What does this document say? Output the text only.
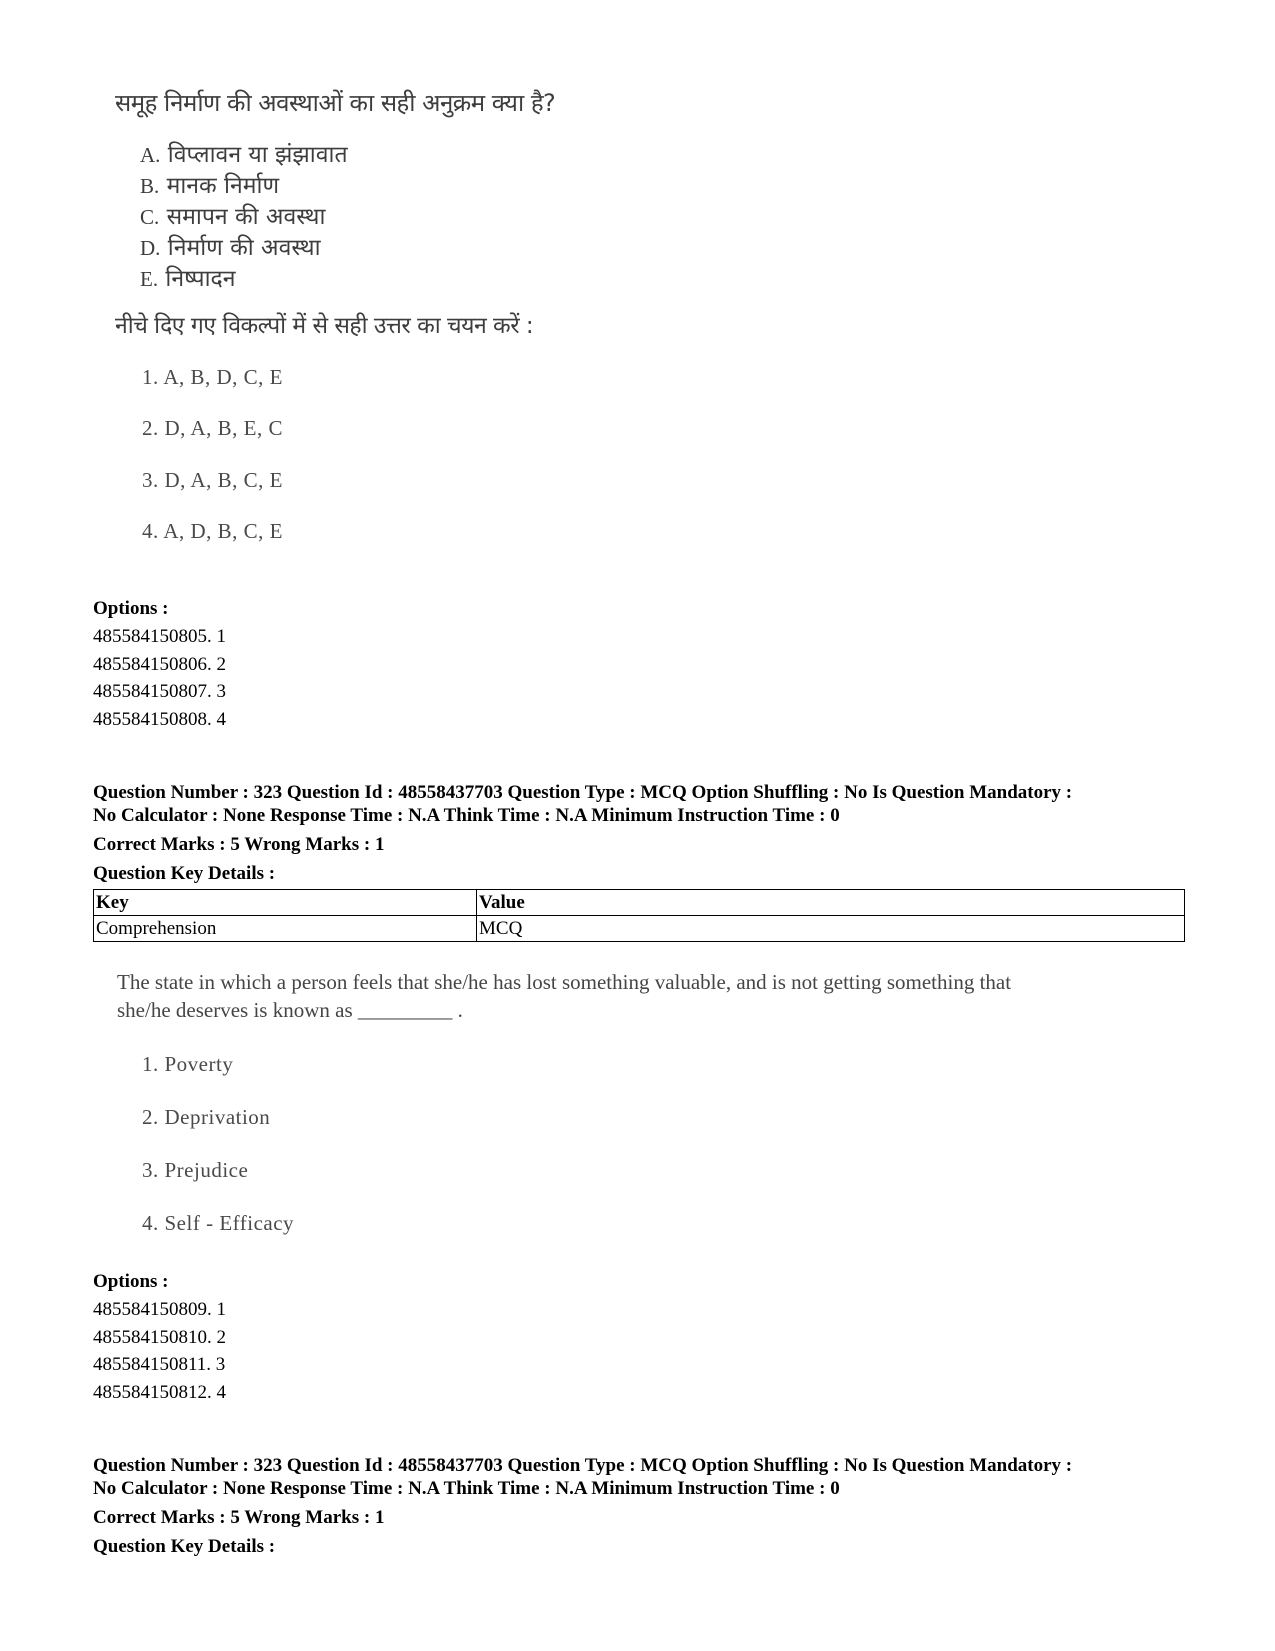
समूह निर्माण की अवस्थाओं का सही अनुक्रम क्या है?
A. विप्लावन या झंझावात
B. मानक निर्माण
C. समापन की अवस्था
D. निर्माण की अवस्था
E. निष्पादन
नीचे दिए गए विकल्पों में से सही उत्तर का चयन करें :
1. A, B, D, C, E
2. D, A, B, E, C
3. D, A, B, C, E
4. A, D, B, C, E
Options :
485584150805. 1
485584150806. 2
485584150807. 3
485584150808. 4
Question Number : 323 Question Id : 48558437703 Question Type : MCQ Option Shuffling : No Is Question Mandatory :
No Calculator : None Response Time : N.A Think Time : N.A Minimum Instruction Time : 0
Correct Marks : 5 Wrong Marks : 1
Question Key Details :
Key	Value
Comprehension	MCQ
The state in which a person feels that she/he has lost something valuable, and is not getting something that
she/he deserves is known as _________ .
1. Poverty
2. Deprivation
3. Prejudice
4. Self - Efficacy
Options :
485584150809. 1
485584150810. 2
485584150811. 3
485584150812. 4
Question Number : 323 Question Id : 48558437703 Question Type : MCQ Option Shuffling : No Is Question Mandatory :
No Calculator : None Response Time : N.A Think Time : N.A Minimum Instruction Time : 0
Correct Marks : 5 Wrong Marks : 1
Question Key Details :
